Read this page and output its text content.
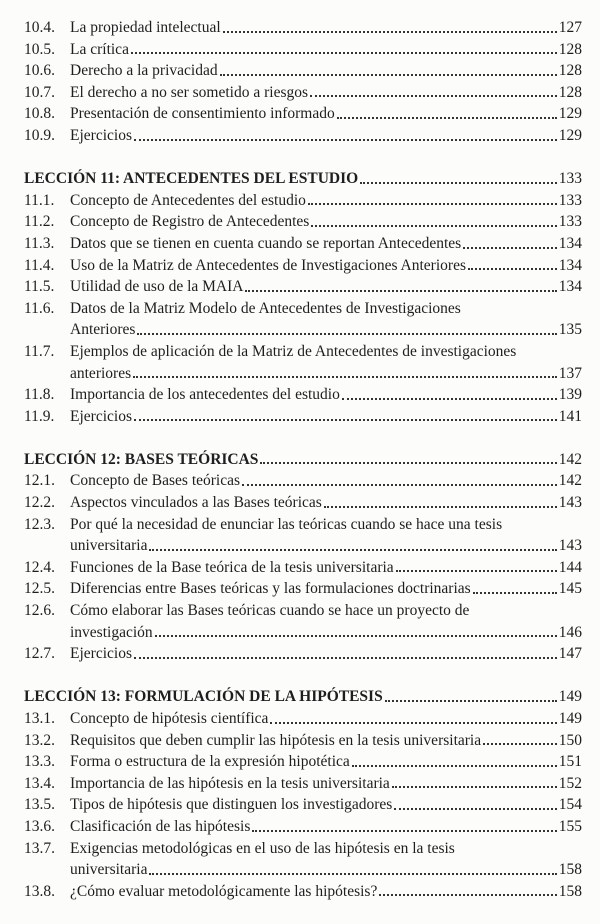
10.4. La propiedad intelectual	127
10.5. La crítica	128
10.6. Derecho a la privacidad	128
10.7. El derecho a no ser sometido a riesgos	128
10.8. Presentación de consentimiento informado	129
10.9. Ejercicios	129
LECCIÓN 11: ANTECEDENTES DEL ESTUDIO	133
11.1.	Concepto de Antecedentes del estudio	133
11.2.	Concepto de Registro de Antecedentes	133
11.3.	Datos que se tienen en cuenta cuando se reportan Antecedentes	134
11.4.	Uso de la Matriz de Antecedentes de Investigaciones Anteriores	134
11.5.	Utilidad de uso de la MAIA	134
11.6.	Datos de la Matriz Modelo de Antecedentes de Investigaciones
Anteriores	135
11.7.	Ejemplos de aplicación de la Matriz de Antecedentes de investigaciones
anteriores	137
11.8.	Importancia de los antecedentes del estudio	139
11.9.	Ejercicios	141
LECCIÓN 12: BASES TEÓRICAS	142
12.1. Concepto de Bases teóricas	142
12.2. Aspectos vinculados a las Bases teóricas	143
12.3. Por qué la necesidad de enunciar las teóricas cuando se hace una tesis
universitaria	143
12.4. Funciones de la Base teórica de la tesis universitaria	144
12.5. Diferencias entre Bases teóricas y las formulaciones doctrinarias	145
12.6. Cómo elaborar las Bases teóricas cuando se hace un proyecto de
investigación	146
12.7. Ejercicios	147
LECCIÓN 13: FORMULACIÓN DE LA HIPÓTESIS	149
13.1. Concepto de hipótesis científica	149
13.2. Requisitos que deben cumplir las hipótesis en la tesis universitaria	150
13.3. Forma o estructura de la expresión hipotética	151
13.4. Importancia de las hipótesis en la tesis universitaria	152
13.5. Tipos de hipótesis que distinguen los investigadores	154
13.6. Clasificación de las hipótesis	155
13.7. Exigencias metodológicas en el uso de las hipótesis en la tesis
universitaria	158
13.8. ¿Cómo evaluar metodológicamente las hipótesis?	158
